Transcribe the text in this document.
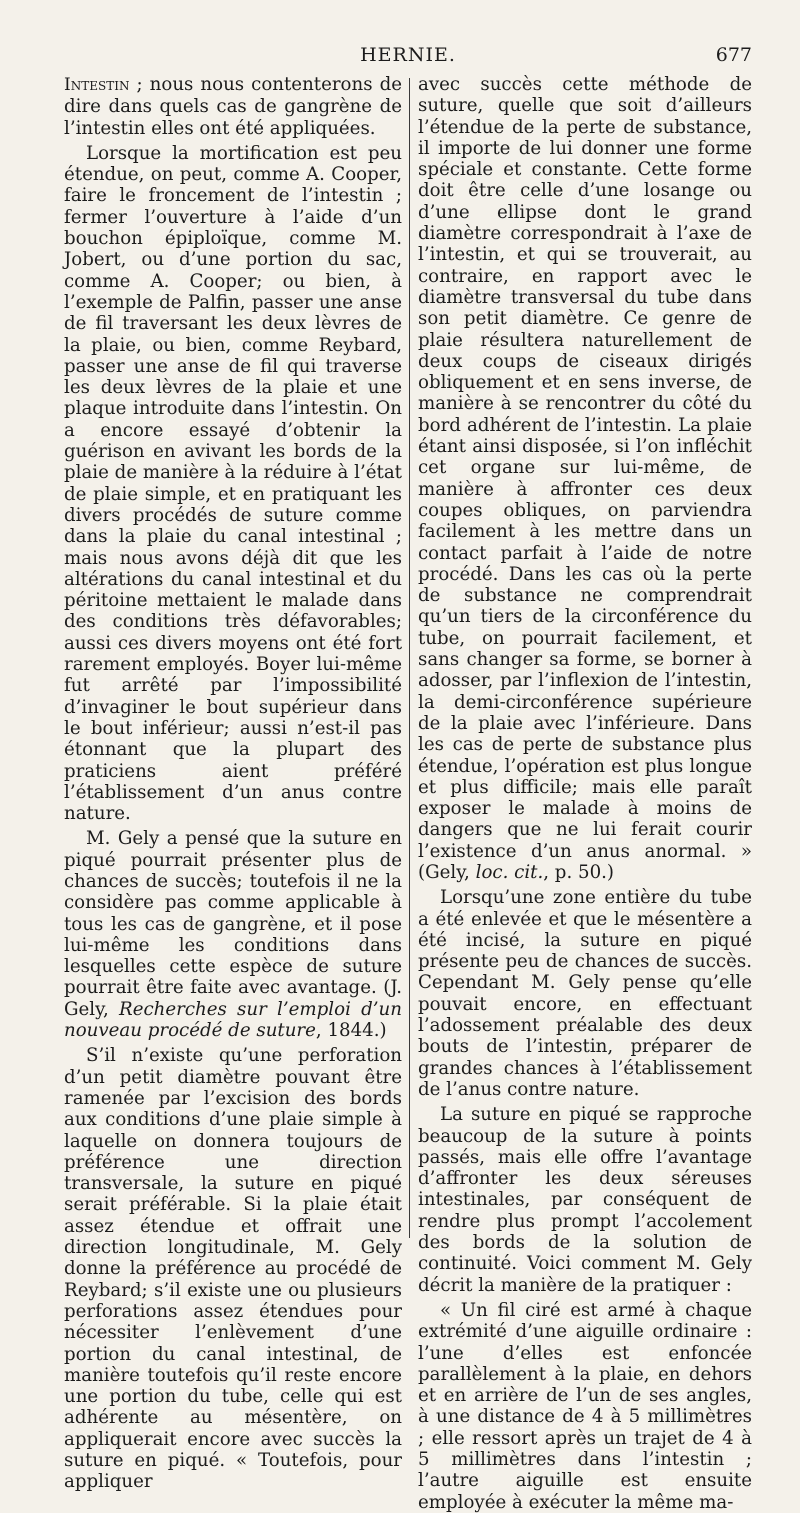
HERNIE.	677

Intestin ; nous nous contenterons de dire dans quels cas de gangrène de l’intestin elles ont été appliquées.

Lorsque la mortification est peu étendue, on peut, comme A. Cooper, faire le froncement de l’intestin ; fermer l’ouverture à l’aide d’un bouchon épiploïque, comme M. Jobert, ou d’une portion du sac, comme A. Cooper; ou bien, à l’exemple de Palfin, passer une anse de fil traversant les deux lèvres de la plaie, ou bien, comme Reybard, passer une anse de fil qui traverse les deux lèvres de la plaie et une plaque introduite dans l’intestin. On a encore essayé d’obtenir la guérison en avivant les bords de la plaie de manière à la réduire à l’état de plaie simple, et en pratiquant les divers procédés de suture comme dans la plaie du canal intestinal ; mais nous avons déjà dit que les altérations du canal intestinal et du péritoine mettaient le malade dans des conditions très défavorables; aussi ces divers moyens ont été fort rarement employés. Boyer lui-même fut arrêté par l’impossibilité d’invaginer le bout supérieur dans le bout inférieur; aussi n’est-il pas étonnant que la plupart des praticiens aient préféré l’établissement d’un anus contre nature.

M. Gely a pensé que la suture en piqué pourrait présenter plus de chances de succès; toutefois il ne la considère pas comme applicable à tous les cas de gangrène, et il pose lui-même les conditions dans lesquelles cette espèce de suture pourrait être faite avec avantage. (J. Gely, Recherches sur l’emploi d’un nouveau procédé de suture, 1844.)

S’il n’existe qu’une perforation d’un petit diamètre pouvant être ramenée par l’excision des bords aux conditions d’une plaie simple à laquelle on donnera toujours de préférence une direction transversale, la suture en piqué serait préférable. Si la plaie était assez étendue et offrait une direction longitudinale, M. Gely donne la préférence au procédé de Reybard; s’il existe une ou plusieurs perforations assez étendues pour nécessiter l’enlèvement d’une portion du canal intestinal, de manière toutefois qu’il reste encore une portion du tube, celle qui est adhérente au mésentère, on appliquerait encore avec succès la suture en piqué. « Toutefois, pour appliquer

avec succès cette méthode de suture, quelle que soit d’ailleurs l’étendue de la perte de substance, il importe de lui donner une forme spéciale et constante. Cette forme doit être celle d’une losange ou d’une ellipse dont le grand diamètre correspondrait à l’axe de l’intestin, et qui se trouverait, au contraire, en rapport avec le diamètre transversal du tube dans son petit diamètre. Ce genre de plaie résultera naturellement de deux coups de ciseaux dirigés obliquement et en sens inverse, de manière à se rencontrer du côté du bord adhérent de l’intestin. La plaie étant ainsi disposée, si l’on infléchit cet organe sur lui-même, de manière à affronter ces deux coupes obliques, on parviendra facilement à les mettre dans un contact parfait à l’aide de notre procédé. Dans les cas où la perte de substance ne comprendrait qu’un tiers de la circonférence du tube, on pourrait facilement, et sans changer sa forme, se borner à adosser, par l’inflexion de l’intestin, la demi-circonférence supérieure de la plaie avec l’inférieure. Dans les cas de perte de substance plus étendue, l’opération est plus longue et plus difficile; mais elle paraît exposer le malade à moins de dangers que ne lui ferait courir l’existence d’un anus anormal. » (Gely, loc. cit., p. 50.)

Lorsqu’une zone entière du tube a été enlevée et que le mésentère a été incisé, la suture en piqué présente peu de chances de succès. Cependant M. Gely pense qu’elle pouvait encore, en effectuant l’adossement préalable des deux bouts de l’intestin, préparer de grandes chances à l’établissement de l’anus contre nature.

La suture en piqué se rapproche beaucoup de la suture à points passés, mais elle offre l’avantage d’affronter les deux séreuses intestinales, par conséquent de rendre plus prompt l’accolement des bords de la solution de continuité. Voici comment M. Gely décrit la manière de la pratiquer :

« Un fil ciré est armé à chaque extrémité d’une aiguille ordinaire : l’une d’elles est enfoncée parallèlement à la plaie, en dehors et en arrière de l’un de ses angles, à une distance de 4 à 5 millimètres ; elle ressort après un trajet de 4 à 5 millimètres dans l’intestin ; l’autre aiguille est ensuite employée à exécuter la même ma-
